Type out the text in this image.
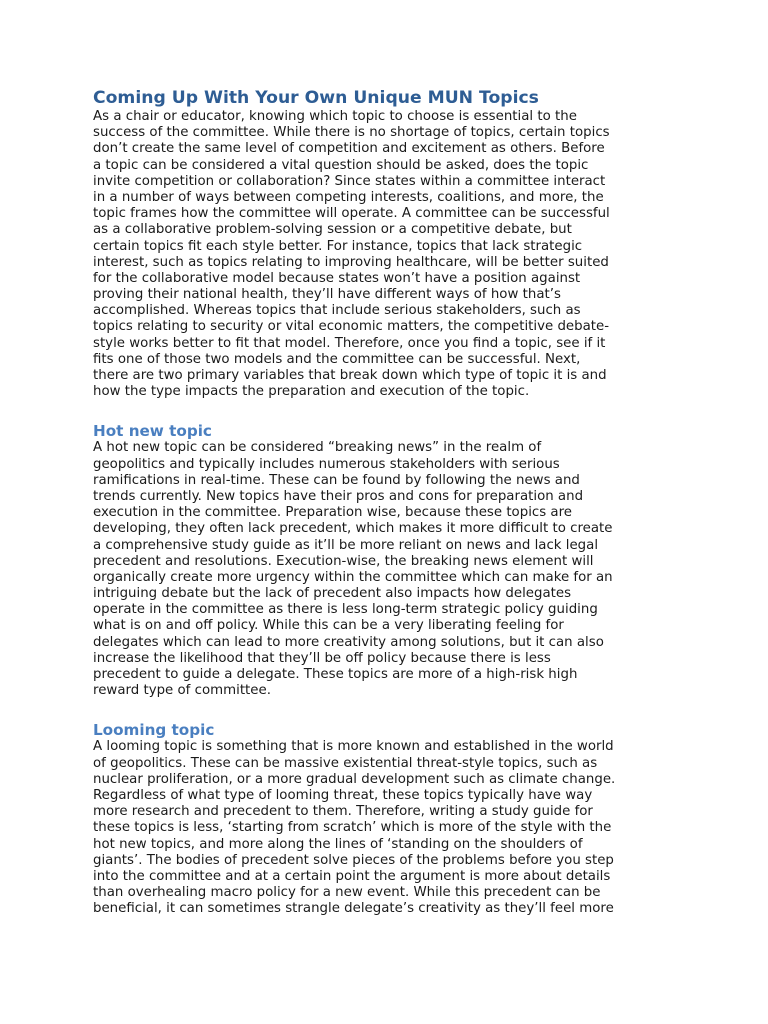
Coming Up With Your Own Unique MUN Topics
As a chair or educator, knowing which topic to choose is essential to the
success of the committee. While there is no shortage of topics, certain topics
don’t create the same level of competition and excitement as others. Before
a topic can be considered a vital question should be asked, does the topic
invite competition or collaboration? Since states within a committee interact
in a number of ways between competing interests, coalitions, and more, the
topic frames how the committee will operate. A committee can be successful
as a collaborative problem-solving session or a competitive debate, but
certain topics fit each style better. For instance, topics that lack strategic
interest, such as topics relating to improving healthcare, will be better suited
for the collaborative model because states won’t have a position against
proving their national health, they’ll have different ways of how that’s
accomplished. Whereas topics that include serious stakeholders, such as
topics relating to security or vital economic matters, the competitive debate-
style works better to fit that model. Therefore, once you find a topic, see if it
fits one of those two models and the committee can be successful. Next,
there are two primary variables that break down which type of topic it is and
how the type impacts the preparation and execution of the topic.
Hot new topic
A hot new topic can be considered “breaking news” in the realm of
geopolitics and typically includes numerous stakeholders with serious
ramifications in real-time. These can be found by following the news and
trends currently. New topics have their pros and cons for preparation and
execution in the committee. Preparation wise, because these topics are
developing, they often lack precedent, which makes it more difficult to create
a comprehensive study guide as it’ll be more reliant on news and lack legal
precedent and resolutions. Execution-wise, the breaking news element will
organically create more urgency within the committee which can make for an
intriguing debate but the lack of precedent also impacts how delegates
operate in the committee as there is less long-term strategic policy guiding
what is on and off policy. While this can be a very liberating feeling for
delegates which can lead to more creativity among solutions, but it can also
increase the likelihood that they’ll be off policy because there is less
precedent to guide a delegate. These topics are more of a high-risk high
reward type of committee.
Looming topic
A looming topic is something that is more known and established in the world
of geopolitics. These can be massive existential threat-style topics, such as
nuclear proliferation, or a more gradual development such as climate change.
Regardless of what type of looming threat, these topics typically have way
more research and precedent to them. Therefore, writing a study guide for
these topics is less, ‘starting from scratch’ which is more of the style with the
hot new topics, and more along the lines of ‘standing on the shoulders of
giants’. The bodies of precedent solve pieces of the problems before you step
into the committee and at a certain point the argument is more about details
than overhealing macro policy for a new event. While this precedent can be
beneficial, it can sometimes strangle delegate’s creativity as they’ll feel more
